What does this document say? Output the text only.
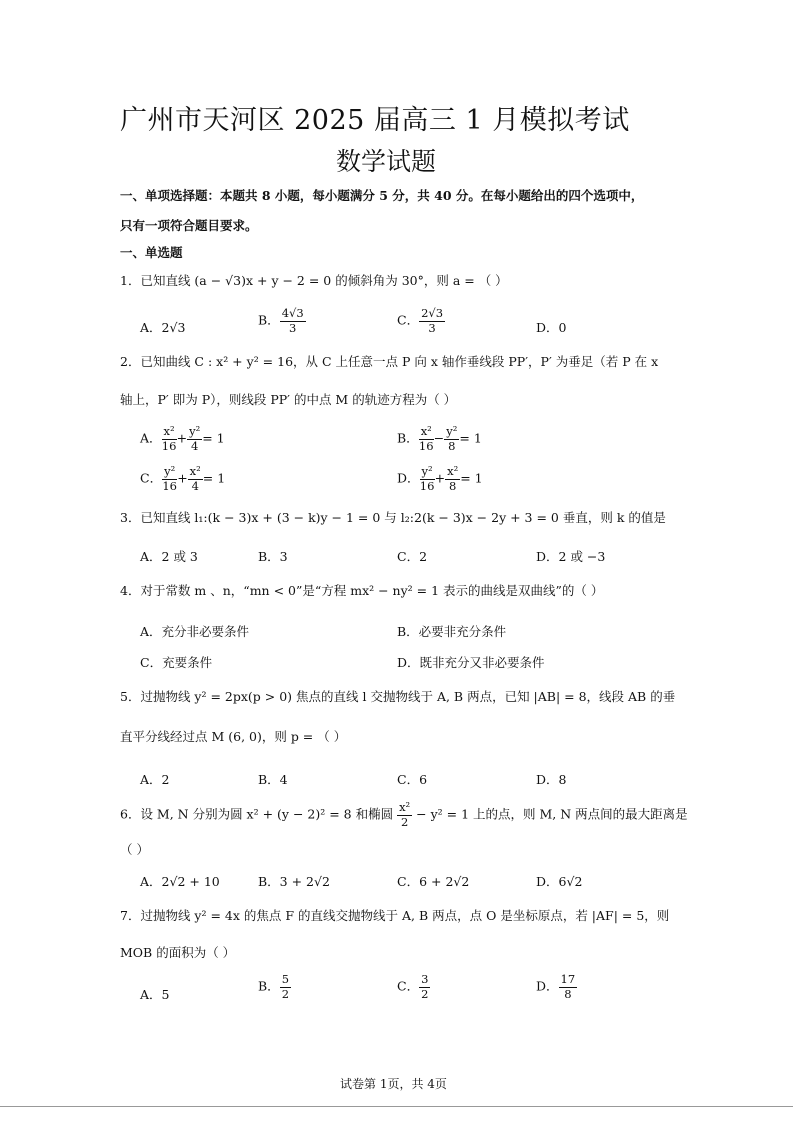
广州市天河区 2025 届高三 1 月模拟考试
数学试题
一、单项选择题：本题共 8 小题，每小题满分 5 分，共 40 分。在每小题给出的四个选项中，
只有一项符合题目要求。
一、单选题
1．已知直线 (a − √3)x + y − 2 = 0 的倾斜角为 30°，则 a = （ ）
A．2√3	B． $\frac{4√3}{3}$	C． $\frac{2√3}{3}$	D．0
2．已知曲线 C : x² + y² = 16，从 C 上任意一点 P 向 x 轴作垂线段 PP′，P′ 为垂足（若 P 在 x
轴上，P′ 即为 P），则线段 PP′ 的中点 M 的轨迹方程为（ ）
A． $\frac{\text{x²}}{16} + \frac{\text{y²}}{4} = 1$	B． $\frac{\text{x²}}{16} - \frac{\text{y²}}{8} = 1$
C． $\frac{\text{y²}}{16} + \frac{\text{x²}}{4} = 1$	D． $\frac{\text{y²}}{16} + \frac{\text{x²}}{8} = 1$
3．已知直线 l₁:(k − 3)x + (3 − k)y − 1 = 0 与 l₂:2(k − 3)x − 2y + 3 = 0 垂直，则 k 的值是
A．2 或 3	B．3	C．2	D．2 或 −3
4．对于常数 m 、n，“mn < 0”是“方程 mx² − ny² = 1 表示的曲线是双曲线”的（ ）
A．充分非必要条件	B．必要非充分条件
C．充要条件	D．既非充分又非必要条件
5．过抛物线 y² = 2px(p > 0) 焦点的直线 l 交抛物线于 A, B 两点，已知 |AB| = 8，线段 AB 的垂
直平分线经过点 M (6, 0)，则 p = （ ）
A．2	B．4	C．6	D．8
6．设 M, N 分别为圆 x² + (y − 2)² = 8 和椭圆 $\frac{\text{x²}}{2} - y^2 = 1$ 上的点，则 M, N 两点间的最大距离是
（ ）
A．2√2 + 10	B．3 + 2√2	C．6 + 2√2	D．6√2
7．过抛物线 y² = 4x 的焦点 F 的直线交抛物线于 A, B 两点，点 O 是坐标原点，若 |AF| = 5，则
MOB 的面积为（ ）
A．5
B． $\frac{5}{2}$	C． $\frac{3}{2}$	D． $\frac{17}{8}$
试卷第 1页，共 4页
